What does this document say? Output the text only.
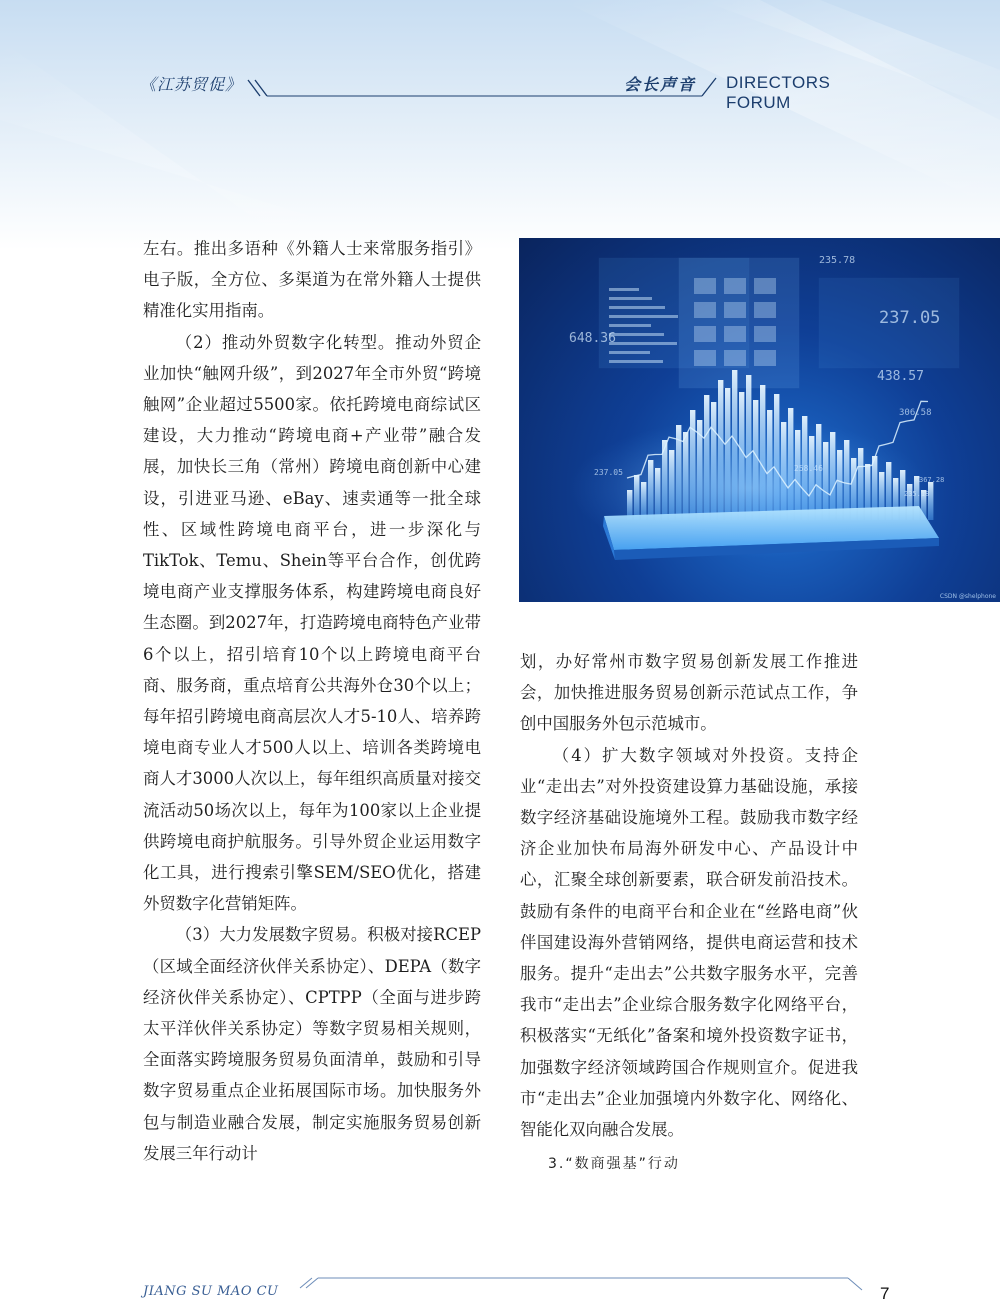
《江苏贸促》	会长声音 DIRECTORS FORUM

左右。推出多语种《外籍人士来常服务指引》电子版，全方位、多渠道为在常外籍人士提供精准化实用指南。

（2）推动外贸数字化转型。推动外贸企业加快“触网升级”，到2027年全市外贸“跨境触网”企业超过5500家。依托跨境电商综试区建设，大力推动“跨境电商+产业带”融合发展，加快长三角（常州）跨境电商创新中心建设，引进亚马逊、eBay、速卖通等一批全球性、区域性跨境电商平台，进一步深化与TikTok、Temu、Shein等平台合作，创优跨境电商产业支撑服务体系，构建跨境电商良好生态圈。到2027年，打造跨境电商特色产业带6个以上，招引培育10个以上跨境电商平台商、服务商，重点培育公共海外仓30个以上；每年招引跨境电商高层次人才5-10人、培养跨境电商专业人才500人以上、培训各类跨境电商人才3000人次以上，每年组织高质量对接交流活动50场次以上，每年为100家以上企业提供跨境电商护航服务。引导外贸企业运用数字化工具，进行搜索引擎SEM/SEO优化，搭建外贸数字化营销矩阵。

（3）大力发展数字贸易。积极对接RCEP（区域全面经济伙伴关系协定）、DEPA（数字经济伙伴关系协定）、CPTPP（全面与进步跨太平洋伙伴关系协定）等数字贸易相关规则，全面落实跨境服务贸易负面清单，鼓励和引导数字贸易重点企业拓展国际市场。加快服务外包与制造业融合发展，制定实施服务贸易创新发展三年行动计

235.78
237.05
648.36
438.57
306.58
237.05
367.28
235.18
258.46
CSDN @shelphone

划，办好常州市数字贸易创新发展工作推进会，加快推进服务贸易创新示范试点工作，争创中国服务外包示范城市。

（4）扩大数字领域对外投资。支持企业“走出去”对外投资建设算力基础设施，承接数字经济基础设施境外工程。鼓励我市数字经济企业加快布局海外研发中心、产品设计中心，汇聚全球创新要素，联合研发前沿技术。鼓励有条件的电商平台和企业在“丝路电商”伙伴国建设海外营销网络，提供电商运营和技术服务。提升“走出去”公共数字服务水平，完善我市“走出去”企业综合服务数字化网络平台，积极落实“无纸化”备案和境外投资数字证书，加强数字经济领域跨国合作规则宣介。促进我市“走出去”企业加强境内外数字化、网络化、智能化双向融合发展。

3.“数商强基”行动

JIANG SU MAO CU	7
